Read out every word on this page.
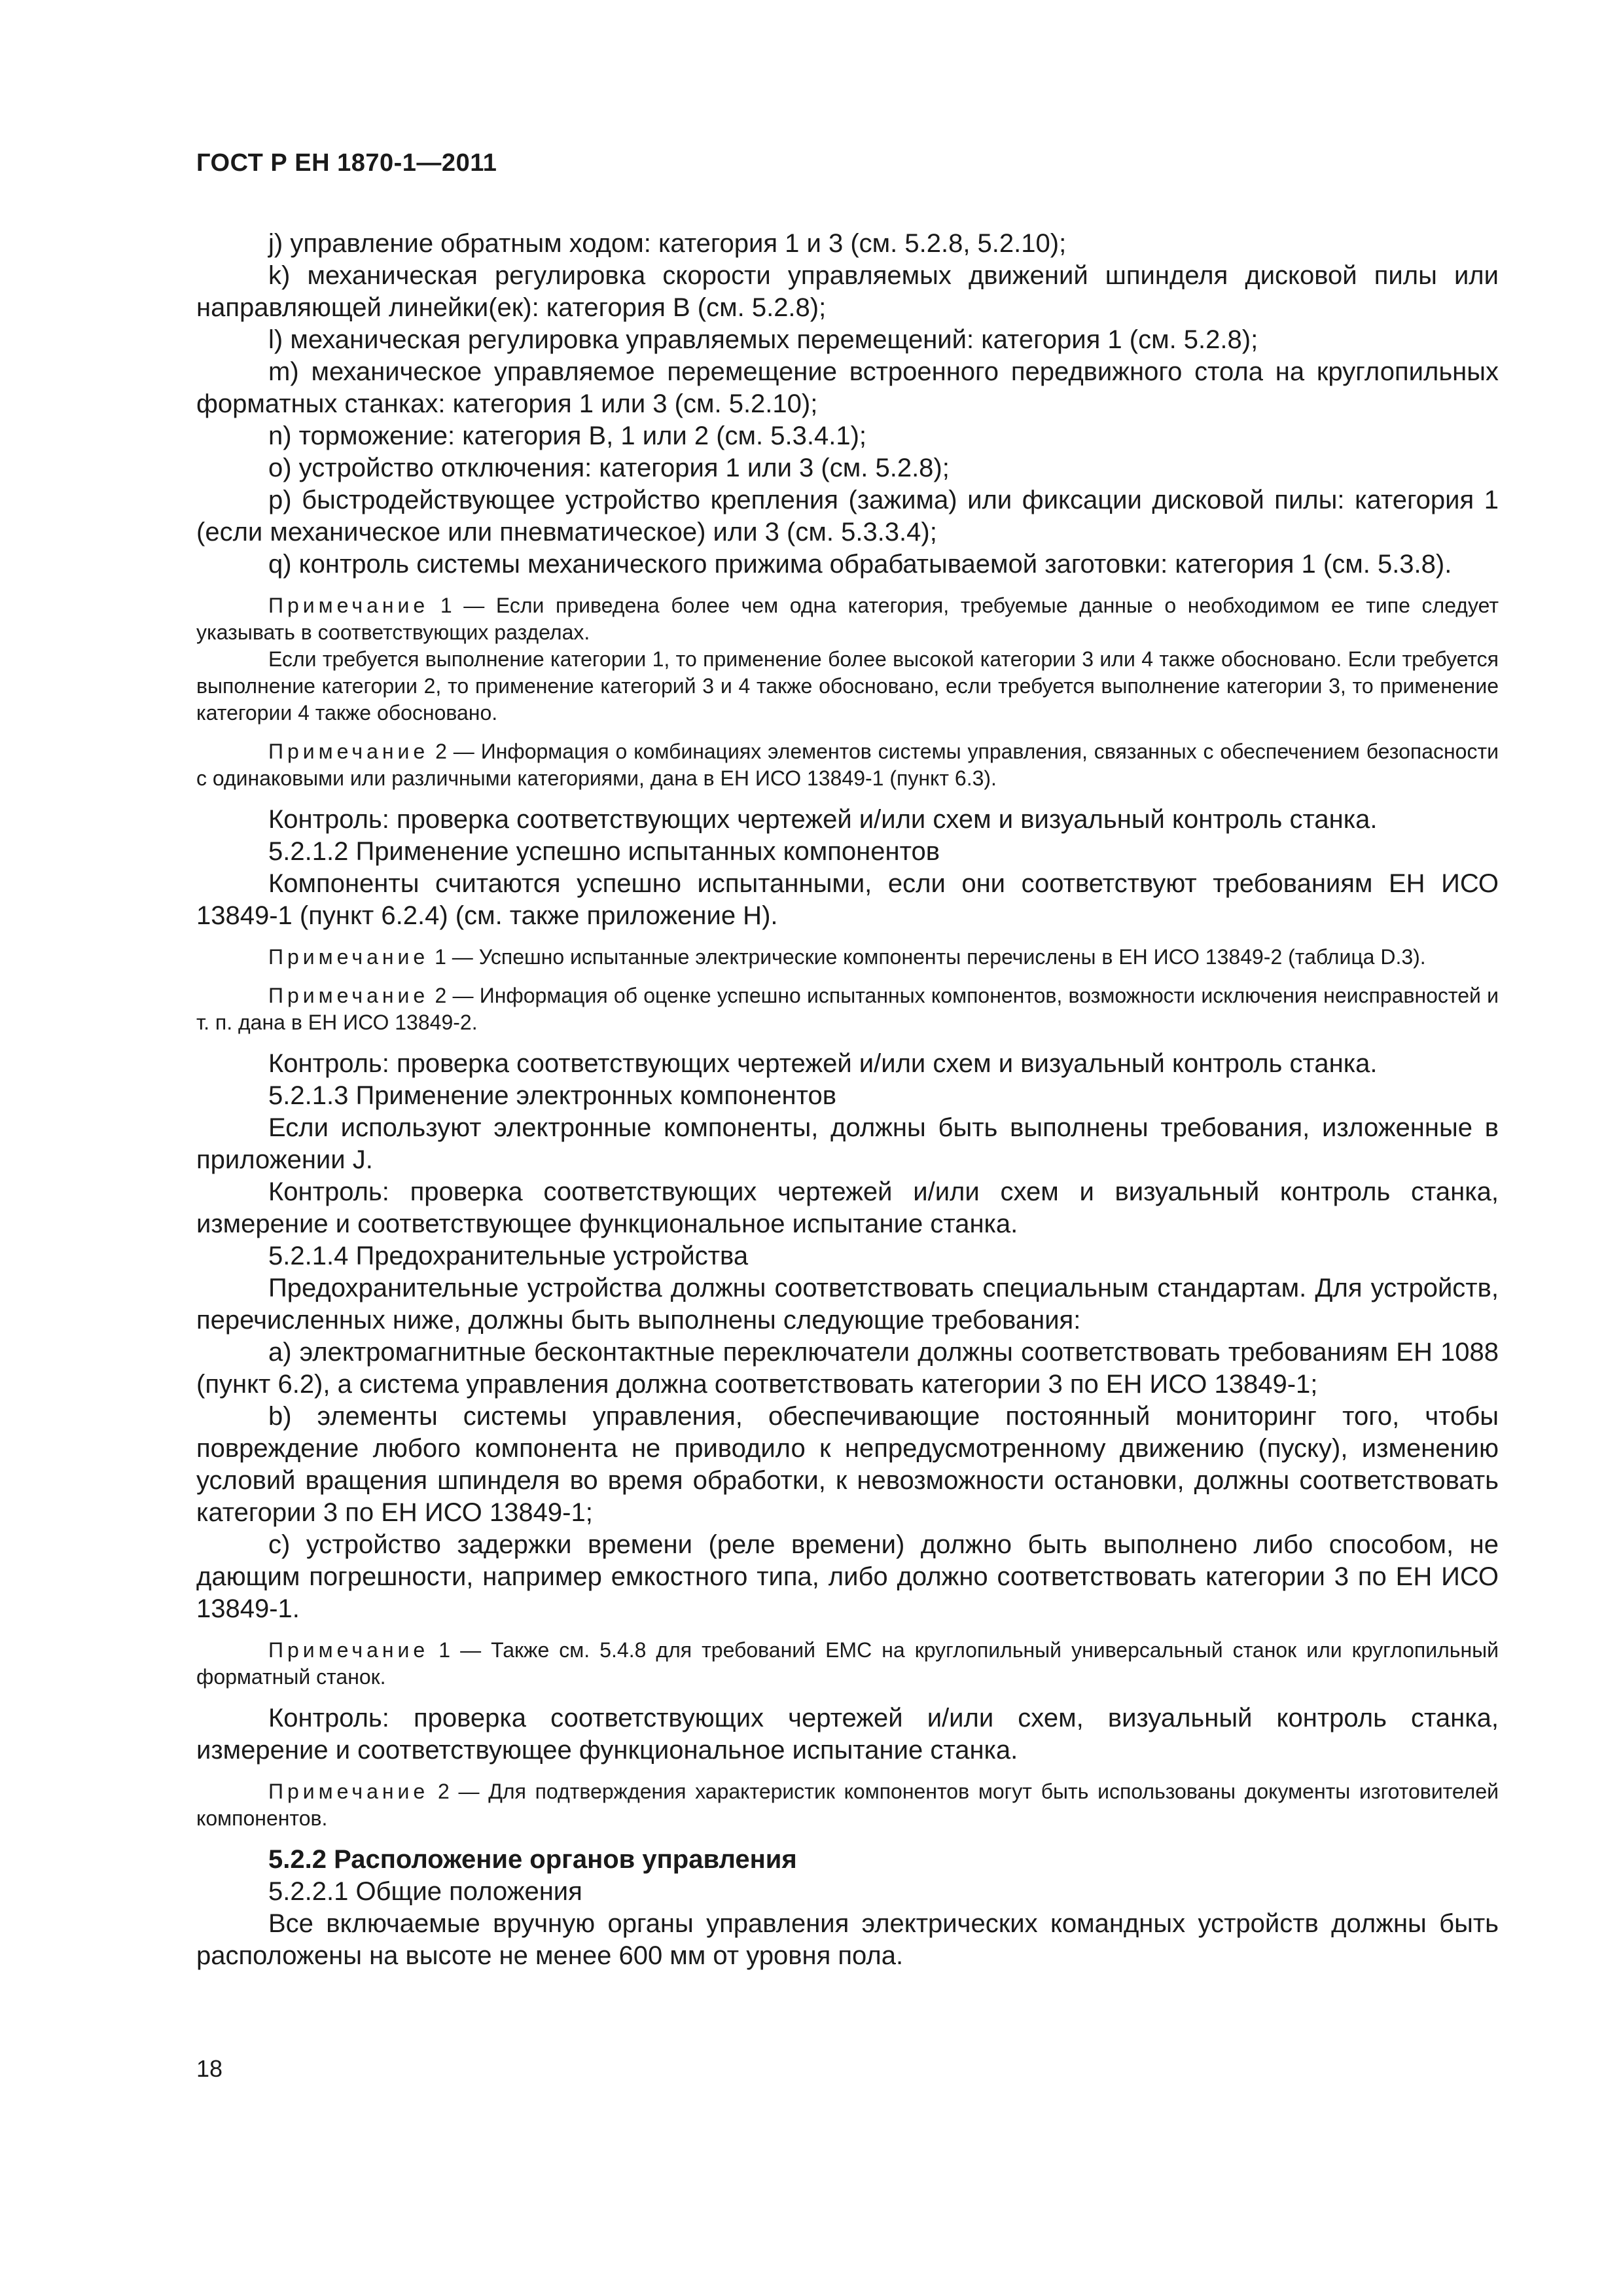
ГОСТ Р ЕН 1870-1—2011

j) управление обратным ходом: категория 1 и 3 (см. 5.2.8, 5.2.10);

k) механическая регулировка скорости управляемых движений шпинделя дисковой пилы или направляющей линейки(ек): категория В (см. 5.2.8);

l) механическая регулировка управляемых перемещений: категория 1 (см. 5.2.8);

m) механическое управляемое перемещение встроенного передвижного стола на круглопильных форматных станках: категория 1 или 3 (см. 5.2.10);

n) торможение: категория В, 1 или 2 (см. 5.3.4.1);

о) устройство отключения: категория 1 или 3 (см. 5.2.8);

р) быстродействующее устройство крепления (зажима) или фиксации дисковой пилы: категория 1 (если механическое или пневматическое) или 3 (см. 5.3.3.4);

q) контроль системы механического прижима обрабатываемой заготовки: категория 1 (см. 5.3.8).

Примечание 1 — Если приведена более чем одна категория, требуемые данные о необходимом ее типе следует указывать в соответствующих разделах.

Если требуется выполнение категории 1, то применение более высокой категории 3 или 4 также обосновано. Если требуется выполнение категории 2, то применение категорий 3 и 4 также обосновано, если требуется выполнение категории 3, то применение категории 4 также обосновано.

Примечание 2 — Информация о комбинациях элементов системы управления, связанных с обеспечением безопасности с одинаковыми или различными категориями, дана в ЕН ИСО 13849-1 (пункт 6.3).

Контроль: проверка соответствующих чертежей и/или схем и визуальный контроль станка.

5.2.1.2 Применение успешно испытанных компонентов

Компоненты считаются успешно испытанными, если они соответствуют требованиям ЕН ИСО 13849-1 (пункт 6.2.4) (см. также приложение Н).

Примечание 1 — Успешно испытанные электрические компоненты перечислены в ЕН ИСО 13849-2 (таблица D.3).

Примечание 2 — Информация об оценке успешно испытанных компонентов, возможности исключения неисправностей и т. п. дана в ЕН ИСО 13849-2.

Контроль: проверка соответствующих чертежей и/или схем и визуальный контроль станка.

5.2.1.3 Применение электронных компонентов

Если используют электронные компоненты, должны быть выполнены требования, изложенные в приложении J.

Контроль: проверка соответствующих чертежей и/или схем и визуальный контроль станка, измерение и соответствующее функциональное испытание станка.

5.2.1.4 Предохранительные устройства

Предохранительные устройства должны соответствовать специальным стандартам. Для устройств, перечисленных ниже, должны быть выполнены следующие требования:

а) электромагнитные бесконтактные переключатели должны соответствовать требованиям ЕН 1088 (пункт 6.2), а система управления должна соответствовать категории 3 по ЕН ИСО 13849-1;

b) элементы системы управления, обеспечивающие постоянный мониторинг того, чтобы повреждение любого компонента не приводило к непредусмотренному движению (пуску), изменению условий вращения шпинделя во время обработки, к невозможности остановки, должны соответствовать категории 3 по ЕН ИСО 13849-1;

с) устройство задержки времени (реле времени) должно быть выполнено либо способом, не дающим погрешности, например емкостного типа, либо должно соответствовать категории 3 по ЕН ИСО 13849-1.

Примечание 1 — Также см. 5.4.8 для требований ЕМС на круглопильный универсальный станок или круглопильный форматный станок.

Контроль: проверка соответствующих чертежей и/или схем, визуальный контроль станка, измерение и соответствующее функциональное испытание станка.

Примечание 2 — Для подтверждения характеристик компонентов могут быть использованы документы изготовителей компонентов.

5.2.2 Расположение органов управления

5.2.2.1 Общие положения

Все включаемые вручную органы управления электрических командных устройств должны быть расположены на высоте не менее 600 мм от уровня пола.

18
